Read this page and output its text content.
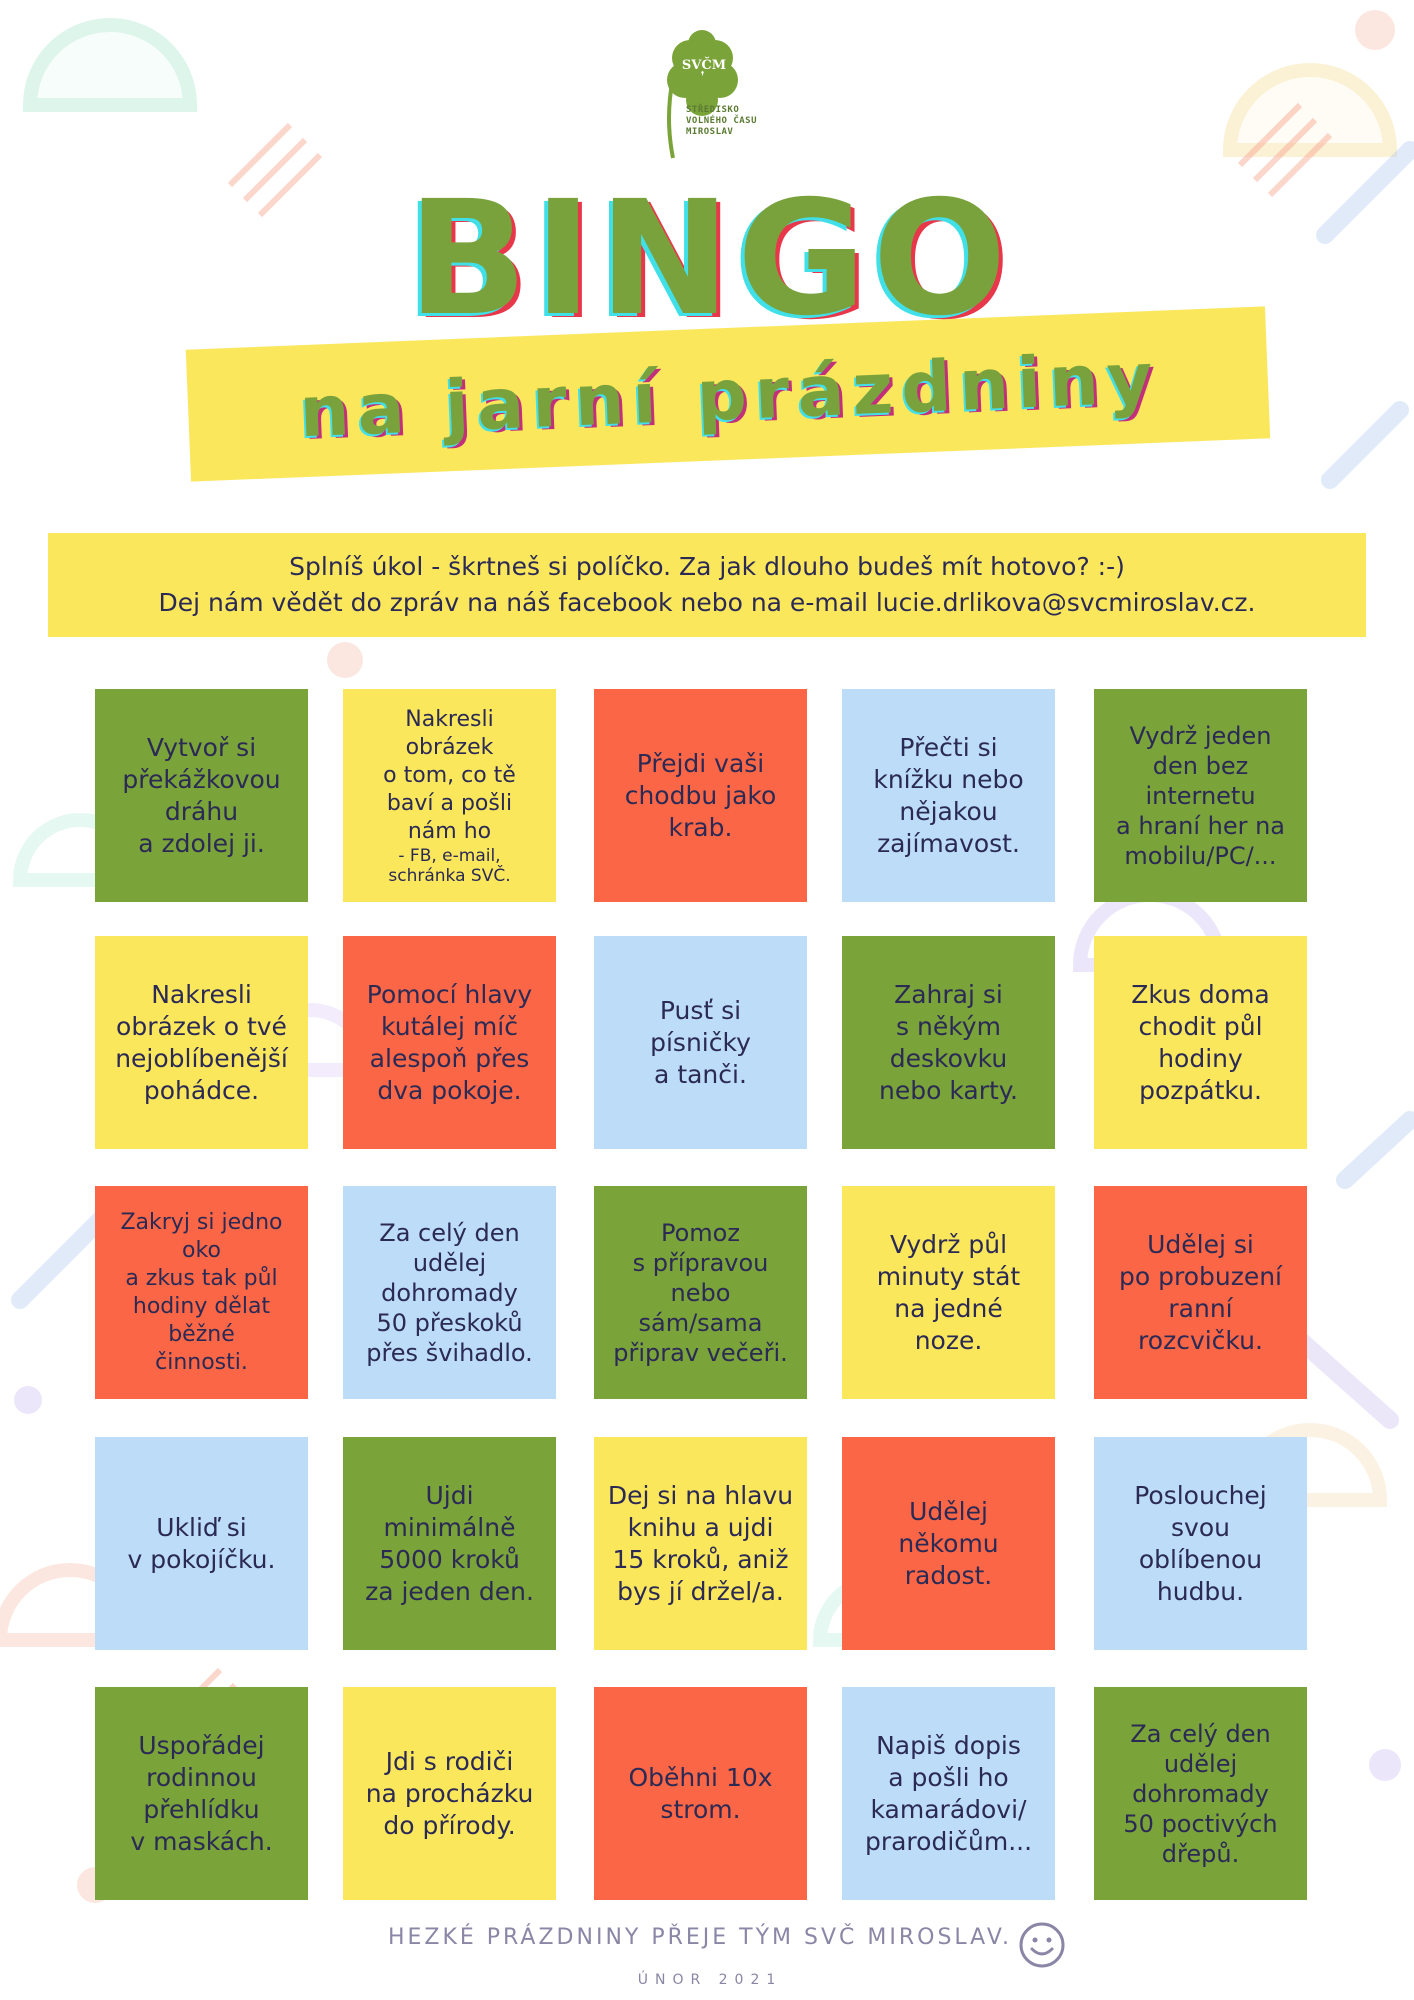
SVČM
STŘEDISKO
VOLNÉHO ČASU
MIROSLAV
BINGO
na jarní prázdniny
Splníš úkol - škrtneš si políčko. Za jak dlouho budeš mít hotovo? :-)
Dej nám vědět do zpráv na náš facebook nebo na e-mail lucie.drlikova@svcmiroslav.cz.
Vytvoř si
překážkovou
dráhu
a zdolej ji.
Nakresli
obrázek
o tom, co tě
baví a pošli
nám ho
- FB, e-mail,
schránka SVČ.
Přejdi vaši
chodbu jako
krab.
Přečti si
knížku nebo
nějakou
zajímavost.
Vydrž jeden
den bez
internetu
a hraní her na
mobilu/PC/...
Nakresli
obrázek o tvé
nejoblíbenější
pohádce.
Pomocí hlavy
kutálej míč
alespoň přes
dva pokoje.
Pusť si
písničky
a tanči.
Zahraj si
s někým
deskovku
nebo karty.
Zkus doma
chodit půl
hodiny
pozpátku.
Zakryj si jedno
oko
a zkus tak půl
hodiny dělat
běžné
činnosti.
Za celý den
udělej
dohromady
50 přeskoků
přes švihadlo.
Pomoz
s přípravou
nebo
sám/sama
připrav večeři.
Vydrž půl
minuty stát
na jedné
noze.
Udělej si
po probuzení
ranní
rozcvičku.
Ukliď si
v pokojíčku.
Ujdi
minimálně
5000 kroků
za jeden den.
Dej si na hlavu
knihu a ujdi
15 kroků, aniž
bys jí držel/a.
Udělej
někomu
radost.
Poslouchej
svou
oblíbenou
hudbu.
Uspořádej
rodinnou
přehlídku
v maskách.
Jdi s rodiči
na procházku
do přírody.
Oběhni 10x
strom.
Napiš dopis
a pošli ho
kamarádovi/
prarodičům...
Za celý den
udělej
dohromady
50 poctivých
dřepů.
HEZKÉ PRÁZDNINY PŘEJE TÝM SVČ MIROSLAV.
ÚNOR 2021
